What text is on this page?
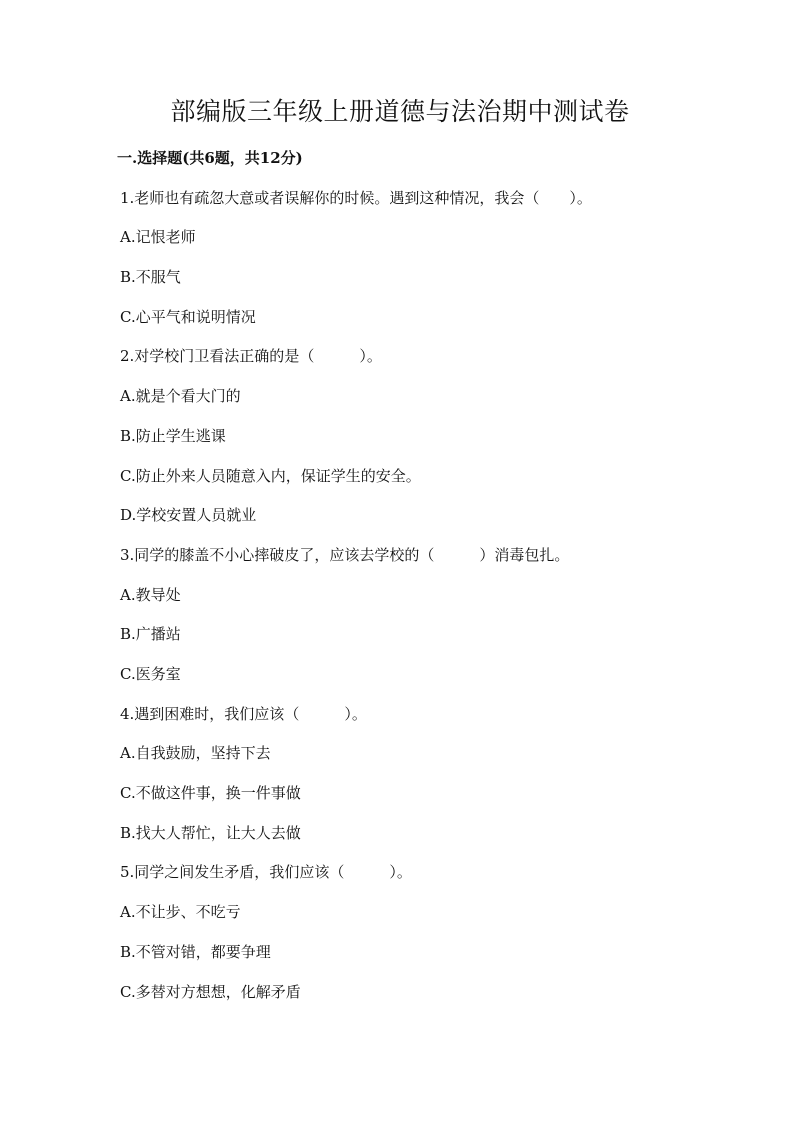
部编版三年级上册道德与法治期中测试卷
一.选择题(共6题，共12分)
1.老师也有疏忽大意或者误解你的时候。遇到这种情况，我会（　　）。
A.记恨老师
B.不服气
C.心平气和说明情况
2.对学校门卫看法正确的是（　　　）。
A.就是个看大门的
B.防止学生逃课
C.防止外来人员随意入内，保证学生的安全。
D.学校安置人员就业
3.同学的膝盖不小心摔破皮了，应该去学校的（　　　）消毒包扎。
A.教导处
B.广播站
C.医务室
4.遇到困难时，我们应该（　　　）。
A.自我鼓励，坚持下去
C.不做这件事，换一件事做
B.找大人帮忙，让大人去做
5.同学之间发生矛盾，我们应该（　　　）。
A.不让步、不吃亏
B.不管对错，都要争理
C.多替对方想想，化解矛盾
